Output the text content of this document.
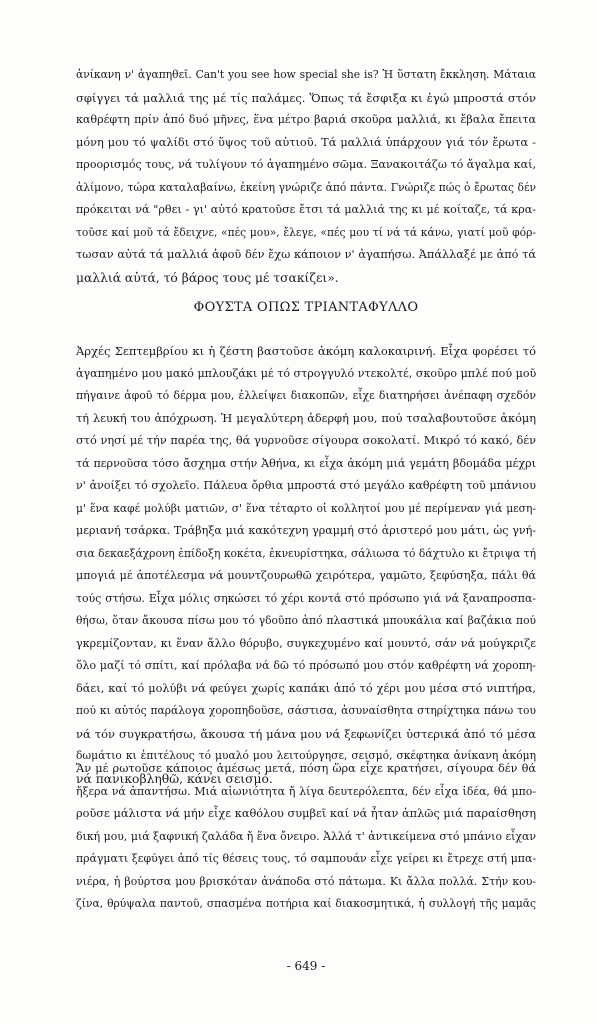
ἀνίκανη ν' ἀγαπηθεῖ. Can't you see how special she is? Ἡ ὕστατη ἔκκληση. Μάταια
σφίγγει τά μαλλιά της μέ τίς παλάμες. Ὅπως τά ἔσφιξα κι ἐγώ μπροστά στόν
καθρέφτη πρίν ἀπό δυό μῆνες, ἕνα μέτρο βαριά σκοῦρα μαλλιά, κι ἔβαλα ἔπειτα
μόνη μου τό ψαλίδι στό ὕψος τοῦ αὐτιοῦ. Τά μαλλιά ὑπάρχουν γιά τόν ἔρωτα -
προορισμός τους, νά τυλίγουν τό ἀγαπημένο σῶμα. Ξανακοιτάζω τό ἄγαλμα καί,
ἀλίμονο, τώρα καταλαβαίνω, ἐκείνη γνώριζε ἀπό πάντα. Γνώριζε πώς ὁ ἔρωτας δέν
πρόκειται νά "ρθει - γι' αὐτό κρατοῦσε ἔτσι τά μαλλιά της κι μέ κοίταζε, τά κρα-
τοῦσε καί μοῦ τά ἔδειχνε, «πές μου», ἔλεγε, «πές μου τί νά τά κάνω, γιατί μοῦ φόρ-
τωσαν αὐτά τά μαλλιά ἀφοῦ δέν ἔχω κάποιον ν' ἀγαπήσω. Ἀπάλλαξέ με ἀπό τά
μαλλιά αὐτά, τό βάρος τους μέ τσακίζει».
ΦΟΥΣΤΑ ΟΠΩΣ ΤΡΙΑΝΤΑΦΥΛΛΟ
Ἀρχές Σεπτεμβρίου κι ἡ ζέστη βαστοῦσε ἀκόμη καλοκαιρινή. Εἶχα φορέσει τό
ἀγαπημένο μου μακό μπλουζάκι μέ τό στρογγυλό ντεκολτέ, σκοῦρο μπλέ πού μοῦ
πήγαινε ἀφοῦ τό δέρμα μου, ἐλλείψει διακοπῶν, εἶχε διατηρήσει ἀνέπαφη σχεδόν
τή λευκή του ἀπόχρωση. Ἡ μεγαλύτερη ἀδερφή μου, πού τσαλαβουτοῦσε ἀκόμη
στό νησί μέ τήν παρέα της, θά γυρνοῦσε σίγουρα σοκολατί. Μικρό τό κακό, δέν
τά περνοῦσα τόσο ἄσχημα στήν Ἀθήνα, κι εἶχα ἀκόμη μιά γεμάτη βδομάδα μέχρι
ν' ἀνοίξει τό σχολεῖο. Πάλευα ὄρθια μπροστά στό μεγάλο καθρέφτη τοῦ μπάνιου
μ' ἕνα καφέ μολύβι ματιῶν, σ' ἕνα τέταρτο οἱ κολλητοί μου μέ περίμεναν γιά μεση-
μεριανή τσάρκα. Τράβηξα μιά κακότεχνη γραμμή στό ἀριστερό μου μάτι, ὡς γνή-
σια δεκαεξάχρονη ἐπίδοξη κοκέτα, ἐκνευρίστηκα, σάλιωσα τό δάχτυλο κι ἔτριψα τή
μπογιά μέ ἀποτέλεσμα νά μουντζουρωθῶ χειρότερα, γαμῶτο, ξεφύσηξα, πάλι θά
τούς στήσω. Εἶχα μόλις σηκώσει τό χέρι κοντά στό πρόσωπο γιά νά ξαναπροσπα-
θήσω, ὅταν ἄκουσα πίσω μου τό γδοῦπο ἀπό πλαστικά μπουκάλια καί βαζάκια πού
γκρεμίζονταν, κι ἕναν ἄλλο θόρυβο, συγκεχυμένο καί μουντό, σάν νά μούγκριζε
ὅλο μαζί τό σπίτι, καί πρόλαβα νά δῶ τό πρόσωπό μου στόν καθρέφτη νά χοροπη-
δάει, καί τό μολύβι νά φεύγει χωρίς καπάκι ἀπό τό χέρι μου μέσα στό νιπτήρα,
πού κι αὐτός παράλογα χοροπηδοῦσε, σάστισα, ἀσυναίσθητα στηρίχτηκα πάνω του
νά τόν συγκρατήσω, ἄκουσα τή μάνα μου νά ξεφωνίζει ὑστερικά ἀπό τό μέσα
δωμάτιο κι ἐπιτέλους τό μυαλό μου λειτούργησε, σεισμό, σκέφτηκα ἀνίκανη ἀκόμη
νά πανικοβληθῶ, κάνει σεισμό.
Ἄν μέ ρωτοῦσε κάποιος ἀμέσως μετά, πόση ὥρα εἶχε κρατήσει, σίγουρα δέν θά
ἤξερα νά ἀπαντήσω. Μιά αἰωνιότητα ἤ λίγα δευτερόλεπτα, δέν εἶχα ἰδέα, θά μπο-
ροῦσε μάλιστα νά μήν εἶχε καθόλου συμβεῖ καί νά ἦταν ἁπλῶς μιά παραίσθηση
δική μου, μιά ξαφνική ζαλάδα ἤ ἕνα ὄνειρο. Ἀλλά τ' ἀντικείμενα στό μπάνιο εἶχαν
πράγματι ξεφύγει ἀπό τίς θέσεις τους, τό σαμπουάν εἶχε γείρει κι ἔτρεχε στή μπα-
νιέρα, ἡ βούρτσα μου βρισκόταν ἀνάποδα στό πάτωμα. Κι ἄλλα πολλά. Στήν κου-
ζίνα, θρύψαλα παντοῦ, σπασμένα ποτήρια καί διακοσμητικά, ἡ συλλογή τῆς μαμᾶς
- 649 -
